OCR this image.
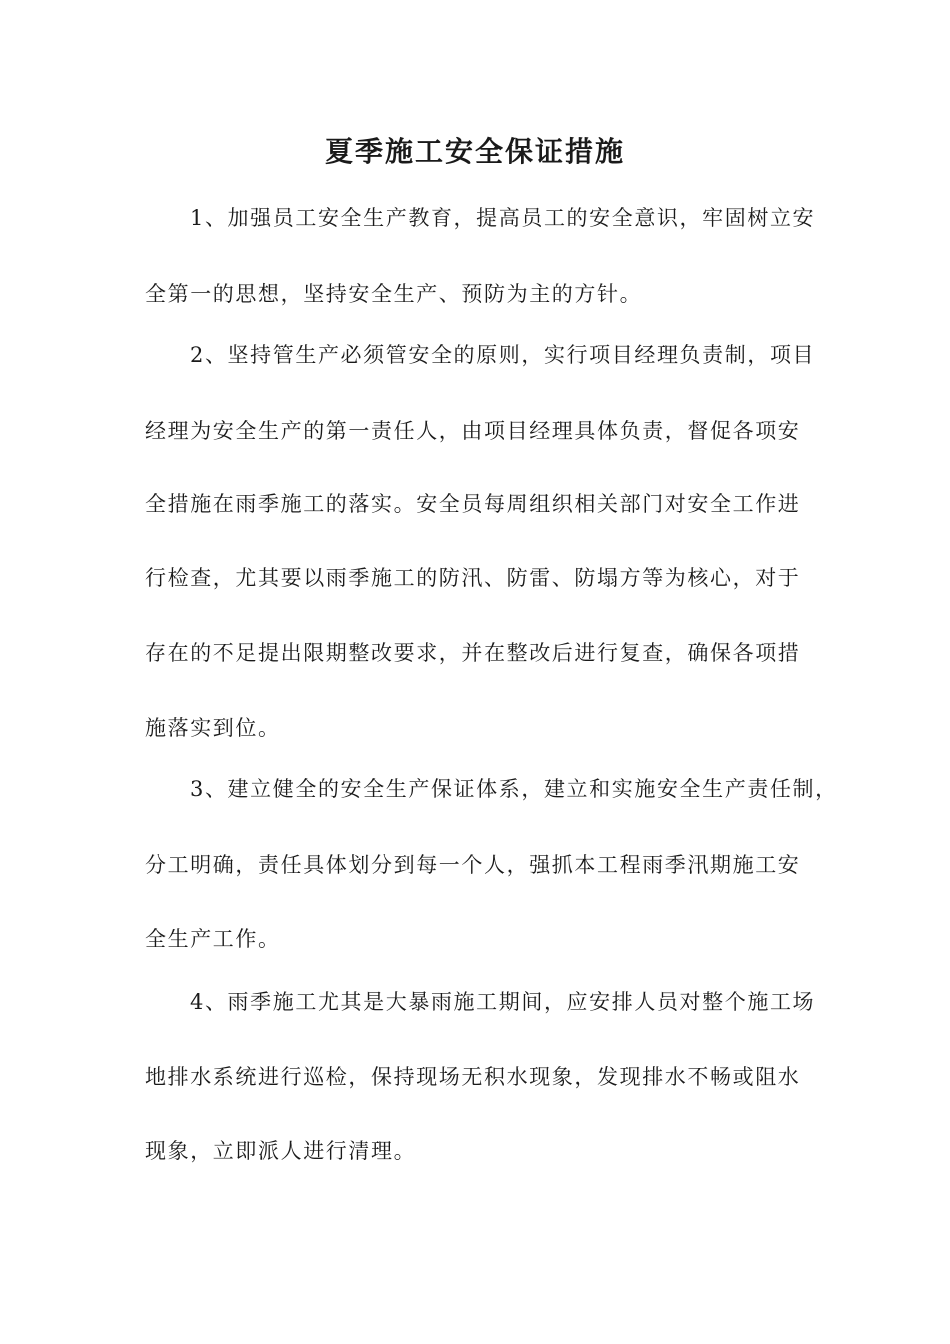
夏季施工安全保证措施

1、加强员工安全生产教育，提高员工的安全意识，牢固树立安

全第一的思想，坚持安全生产、预防为主的方针。

2、坚持管生产必须管安全的原则，实行项目经理负责制，项目

经理为安全生产的第一责任人，由项目经理具体负责，督促各项安

全措施在雨季施工的落实。安全员每周组织相关部门对安全工作进

行检查，尤其要以雨季施工的防汛、防雷、防塌方等为核心，对于

存在的不足提出限期整改要求，并在整改后进行复查，确保各项措

施落实到位。

3、建立健全的安全生产保证体系，建立和实施安全生产责任制，

分工明确，责任具体划分到每一个人，强抓本工程雨季汛期施工安

全生产工作。

4、雨季施工尤其是大暴雨施工期间，应安排人员对整个施工场

地排水系统进行巡检，保持现场无积水现象，发现排水不畅或阻水

现象，立即派人进行清理。
